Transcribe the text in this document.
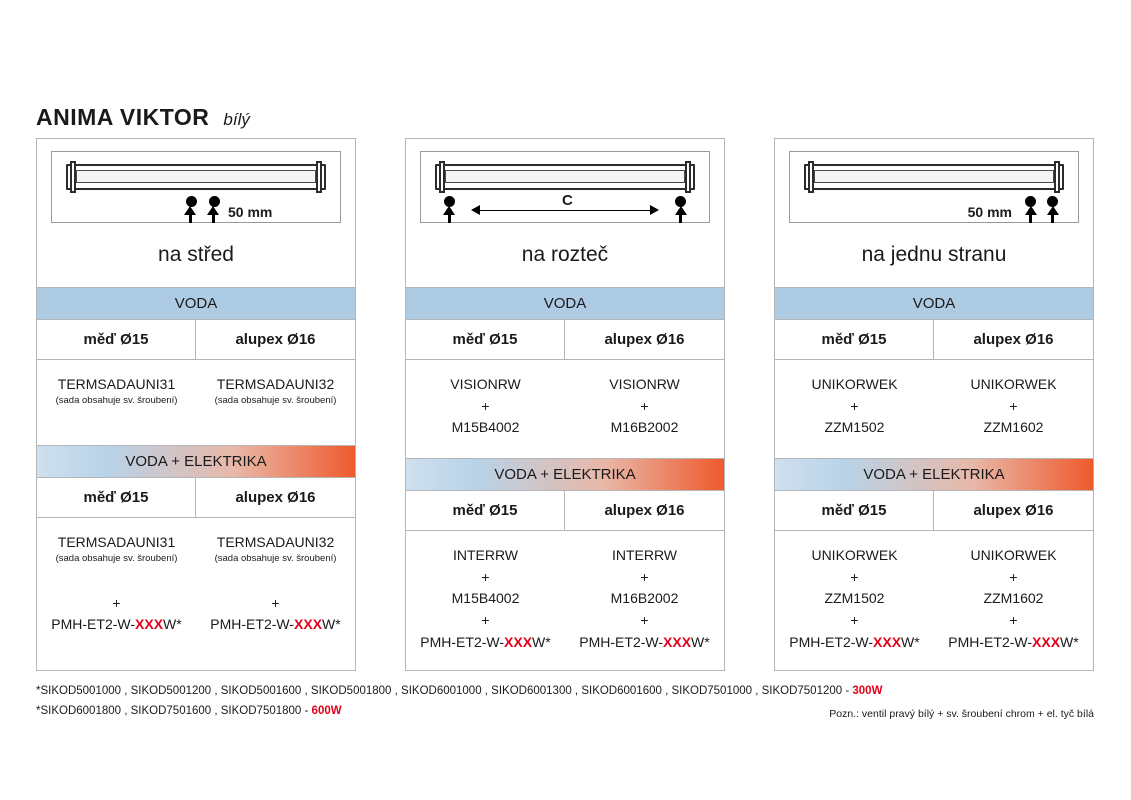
ANIMA VIKTOR bílý
50 mm
na střed
VODA
měď Ø15
TERMSADAUNI31
(sada obsahuje sv. šroubení)
alupex Ø16
TERMSADAUNI32
(sada obsahuje sv. šroubení)
VODA + ELEKTRIKA
měď Ø15
TERMSADAUNI31
(sada obsahuje sv. šroubení)
+
PMH-ET2-W-XXXW*
alupex Ø16
TERMSADAUNI32
(sada obsahuje sv. šroubení)
+
PMH-ET2-W-XXXW*
C
na rozteč
VODA
měď Ø15
VISIONRW
+
M15B4002
alupex Ø16
VISIONRW
+
M16B2002
VODA + ELEKTRIKA
měď Ø15
INTERRW
+
M15B4002
+
PMH-ET2-W-XXXW*
alupex Ø16
INTERRW
+
M16B2002
+
PMH-ET2-W-XXXW*
50 mm
na jednu stranu
VODA
měď Ø15
UNIKORWEK
+
ZZM1502
alupex Ø16
UNIKORWEK
+
ZZM1602
VODA + ELEKTRIKA
měď Ø15
UNIKORWEK
+
ZZM1502
+
PMH-ET2-W-XXXW*
alupex Ø16
UNIKORWEK
+
ZZM1602
+
PMH-ET2-W-XXXW*
*SIKOD5001000 , SIKOD5001200 , SIKOD5001600 , SIKOD5001800 , SIKOD6001000 , SIKOD6001300 , SIKOD6001600 , SIKOD7501000 , SIKOD7501200 - 300W
*SIKOD6001800 , SIKOD7501600 , SIKOD7501800 - 600W	Pozn.: ventil pravý bílý + sv. šroubení chrom + el. tyč bílá
